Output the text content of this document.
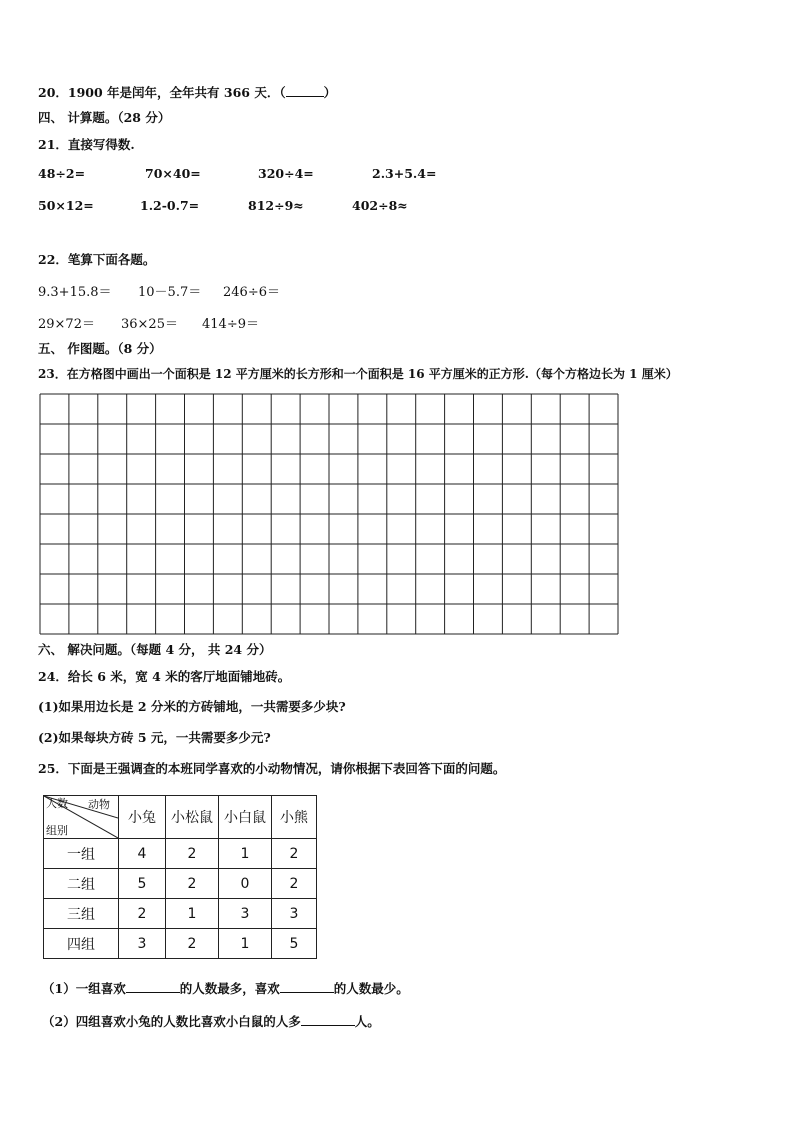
20．1900 年是闰年，全年共有 366 天．（	）
四、 计算题。（28 分）
21．直接写得数.
48÷2=	70×40=	320÷4=	2.3+5.4=
50×12=	1.2-0.7=	812÷9≈	402÷8≈
22．笔算下面各题。
9.3+15.8＝ 10－5.7＝ 246÷6＝
29×72＝ 36×25＝ 414÷9＝
五、 作图题。（8 分）
23．在方格图中画出一个面积是 12 平方厘米的长方形和一个面积是 16 平方厘米的正方形.（每个方格边长为 1 厘米）
六、 解决问题。（每题 4 分， 共 24 分）
24．给长 6 米，宽 4 米的客厅地面铺地砖。
(1)如果用边长是 2 分米的方砖铺地，一共需要多少块?
(2)如果每块方砖 5 元，一共需要多少元?
25．下面是王强调查的本班同学喜欢的小动物情况，请你根据下表回答下面的问题。
人数 动物
组别	小兔	小松鼠	小白鼠	小熊
一组	4	2	1	2
二组	5	2	0	2
三组	2	1	3	3
四组	3	2	1	5
（1）一组喜欢	的人数最多，喜欢	的人数最少。
（2）四组喜欢小兔的人数比喜欢小白鼠的人多	人。
